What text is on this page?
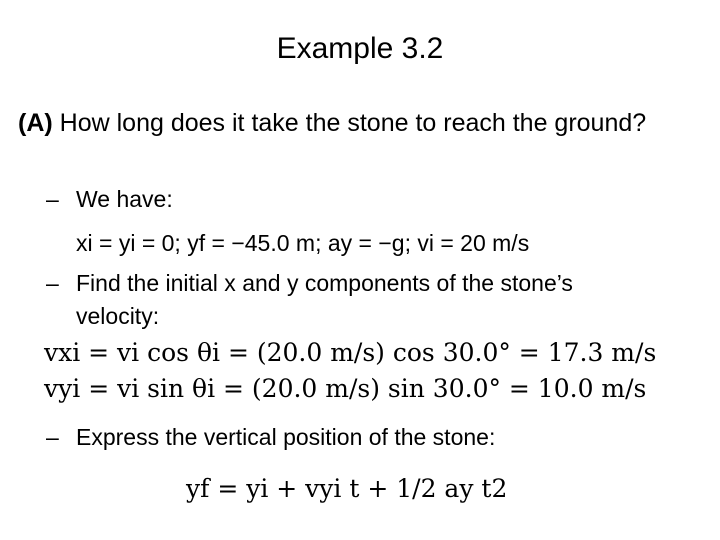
Example 3.2
(A) How long does it take the stone to reach the ground?
– We have:
xi = yi = 0; yf = −45.0 m; ay = −g; vi = 20 m/s
– Find the initial x and y components of the stone’s
velocity:
vxi = vi cos θi = (20.0 m/s) cos 30.0° = 17.3 m/s
vyi = vi sin θi = (20.0 m/s) sin 30.0° = 10.0 m/s
– Express the vertical position of the stone:
yf = yi + vyi t + 1/2 ay t2
